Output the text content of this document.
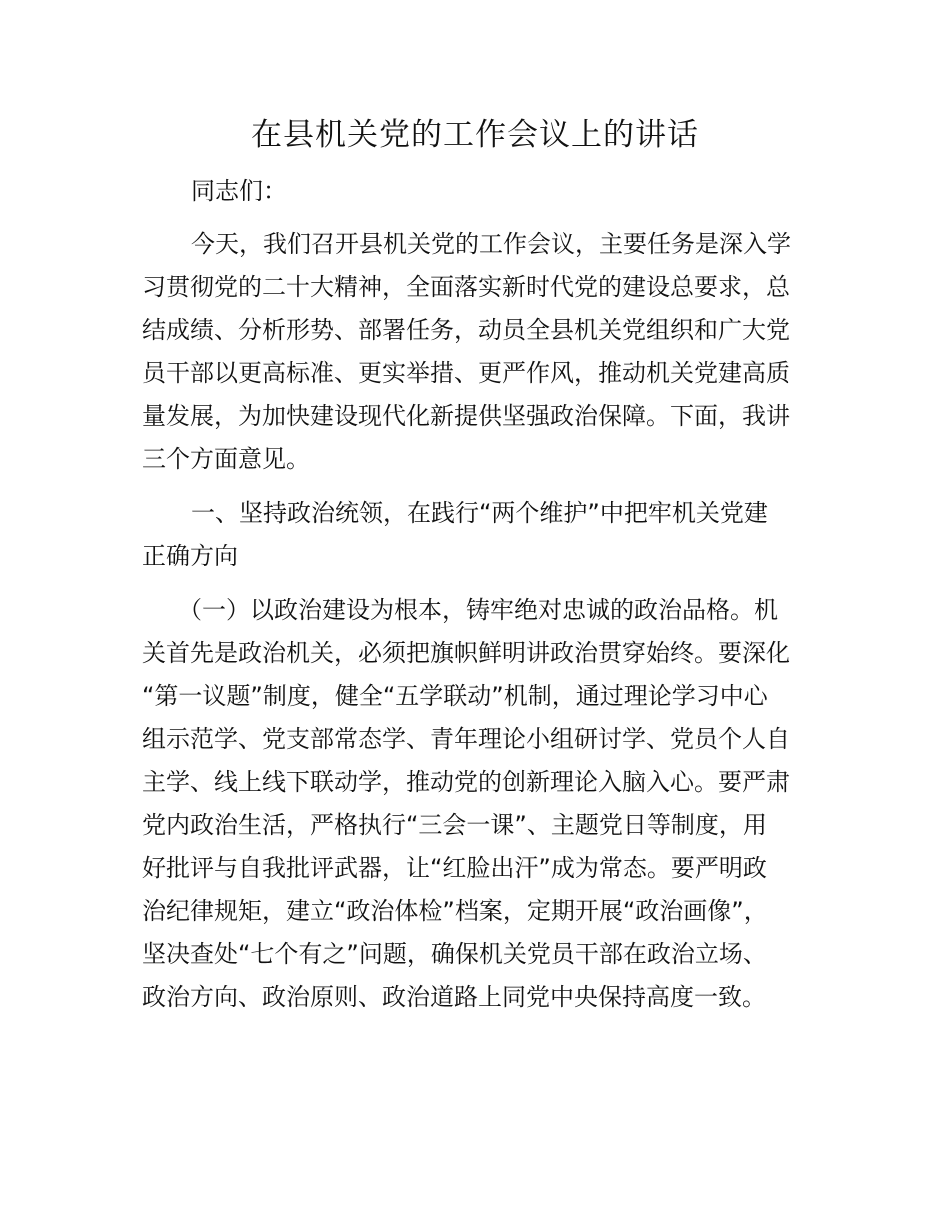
在县机关党的工作会议上的讲话

同志们：

今天，我们召开县机关党的工作会议，主要任务是深入学

习贯彻党的二十大精神，全面落实新时代党的建设总要求，总

结成绩、分析形势、部署任务，动员全县机关党组织和广大党

员干部以更高标准、更实举措、更严作风，推动机关党建高质

量发展，为加快建设现代化新提供坚强政治保障。下面，我讲

三个方面意见。

一、坚持政治统领，在践行“两个维护”中把牢机关党建

正确方向

（一）以政治建设为根本，铸牢绝对忠诚的政治品格。机

关首先是政治机关，必须把旗帜鲜明讲政治贯穿始终。要深化

“第一议题”制度，健全“五学联动”机制，通过理论学习中心

组示范学、党支部常态学、青年理论小组研讨学、党员个人自

主学、线上线下联动学，推动党的创新理论入脑入心。要严肃

党内政治生活，严格执行“三会一课”、主题党日等制度，用

好批评与自我批评武器，让“红脸出汗”成为常态。要严明政

治纪律规矩，建立“政治体检”档案，定期开展“政治画像”，

坚决查处“七个有之”问题，确保机关党员干部在政治立场、

政治方向、政治原则、政治道路上同党中央保持高度一致。
